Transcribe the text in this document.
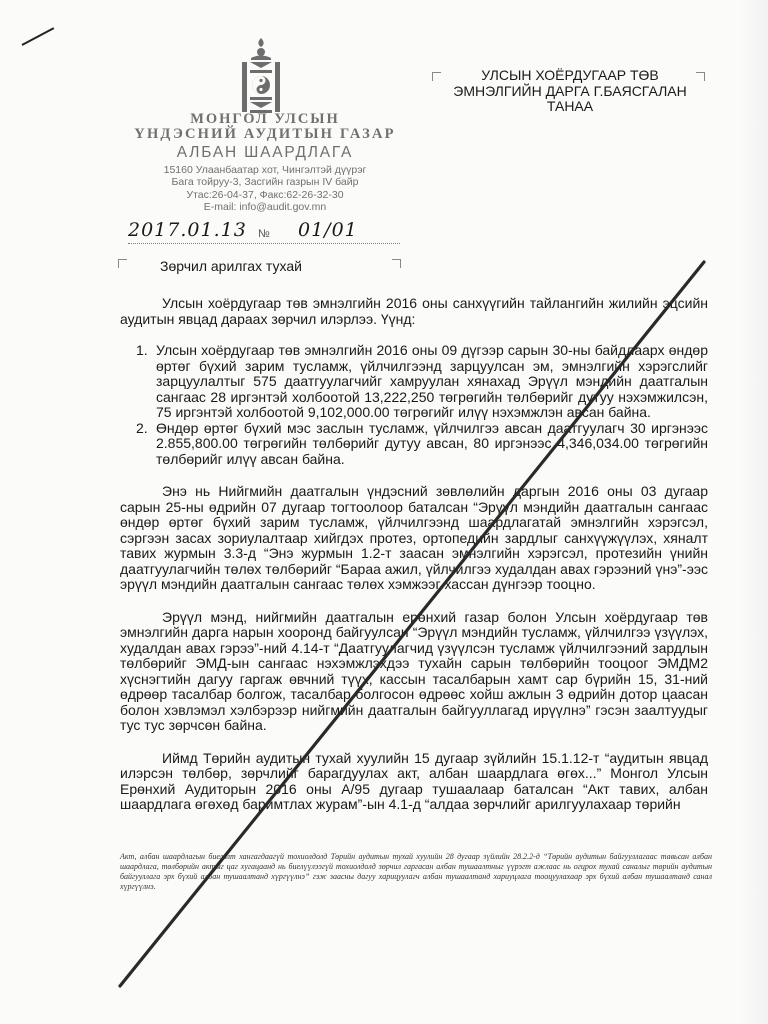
МОНГОЛ УЛСЫН
ҮНДЭСНИЙ АУДИТЫН ГАЗАР
АЛБАН ШААРДЛАГА
15160 Улаанбаатар хот, Чингэлтэй дүүрэг
Бага тойруу-3, Засгийн газрын IV байр
Утас:26-04-37, Факс:62-26-32-30
E-mail: info@audit.gov.mn
УЛСЫН ХОЁРДУГААР ТӨВ
ЭМНЭЛГИЙН ДАРГА Г.БАЯСГАЛАН
ТАНАА
2017.01.13 № 01/01
Зөрчил арилгах тухай

Улсын хоёрдугаар төв эмнэлгийн 2016 оны санхүүгийн тайлангийн жилийн эцсийн аудитын явцад дараах зөрчил илэрлээ. Үүнд:

1. Улсын хоёрдугаар төв эмнэлгийн 2016 оны 09 дүгээр сарын 30-ны байдлаарх өндөр өртөг бүхий зарим тусламж, үйлчилгээнд зарцуулсан эм, эмнэлгийн хэрэгслийг зарцуулалтыг 575 даатгуулагчийг хамруулан хянахад Эрүүл мэндийн даатгалын сангаас 28 иргэнтэй холбоотой 13,222,250 төгрөгийн төлбөрийг дутуу нэхэмжилсэн, 75 иргэнтэй холбоотой 9,102,000.00 төгрөгийг илүү нэхэмжлэн авсан байна.
2. Өндөр өртөг бүхий мэс заслын тусламж, үйлчилгээ авсан даатгуулагч 30 иргэнээс 2.855,800.00 төгрөгийн төлбөрийг дутуу авсан, 80 иргэнээс 4,346,034.00 төгрөгийн төлбөрийг илүү авсан байна.

Энэ нь Нийгмийн даатгалын үндэсний зөвлөлийн даргын 2016 оны 03 дугаар сарын 25-ны өдрийн 07 дугаар тогтоолоор баталсан “Эрүүл мэндийн даатгалын сангаас өндөр өртөг бүхий зарим тусламж, үйлчилгээнд шаардлагатай эмнэлгийн хэрэгсэл, сэргээн засах зориулалтаар хийгдэх протез, ортопедийн зардлыг санхүүжүүлэх, хяналт тавих журмын 3.3-д “Энэ журмын 1.2-т заасан эмнэлгийн хэрэгсэл, протезийн үнийн даатгуулагчийн төлөх төлбөрийг “Бараа ажил, үйлчилгээ худалдан авах гэрээний үнэ”-ээс эрүүл мэндийн даатгалын сангаас төлөх хэмжээг хассан дүнгээр тооцно.

Эрүүл мэнд, нийгмийн даатгалын ерөнхий газар болон Улсын хоёрдугаар төв эмнэлгийн дарга нарын хооронд байгуулсан “Эрүүл мэндийн тусламж, үйлчилгээ үзүүлэх, худалдан авах гэрээ”-ний 4.14-т “Даатгуулагчид үзүүлсэн тусламж үйлчилгээний зардлын төлбөрийг ЭМД-ын сангаас нэхэмжлэхдээ тухайн сарын төлбөрийн тооцоог ЭМДМ2 хүснэгтийн дагуу гаргаж өвчний түүх, кассын тасалбарын хамт сар бүрийн 15, 31-ний өдрөөр тасалбар болгож, тасалбар болгосон өдрөөс хойш ажлын 3 өдрийн дотор цаасан болон хэвлэмэл хэлбэрээр нийгмийн даатгалын байгууллагад ирүүлнэ” гэсэн заалтуудыг тус тус зөрчсөн байна.

Иймд Төрийн аудитын тухай хуулийн 15 дугаар зүйлийн 15.1.12-т “аудитын явцад илэрсэн төлбөр, зөрчлийг барагдуулах акт, албан шаардлага өгөх...” Монгол Улсын Ерөнхий Аудиторын 2016 оны А/95 дугаар тушаалаар баталсан “Акт тавих, албан шаардлага өгөхөд баримтлах журам”-ын 4.1-д “алдаа зөрчлийг арилгуулахаар төрийн

Акт, албан шаардлагын биелэлт хангагдаагүй тохиолдолд Төрийн аудитын тухай хуулийн 28 дугаар зүйлийн 28.2.2-д “Төрийн аудитын байгууллагаас тавьсан албан шаардлага, төлбөрийн актыг цаг хугацаанд нь биелүүлээгүй тохиолдолд зөрчил гаргасан албан тушаалтныг үүрэгт ажлаас нь огцрох тухай саналыг төрийн аудитын байгууллага эрх бүхий албан тушаалтанд хүргүүлнэ” гэж заасны дагуу харицуулагч албан тушаалтанд хариуцлага тооцуулахаар эрх бүхий албан тушаалтанд санал хүргүүлнэ.
